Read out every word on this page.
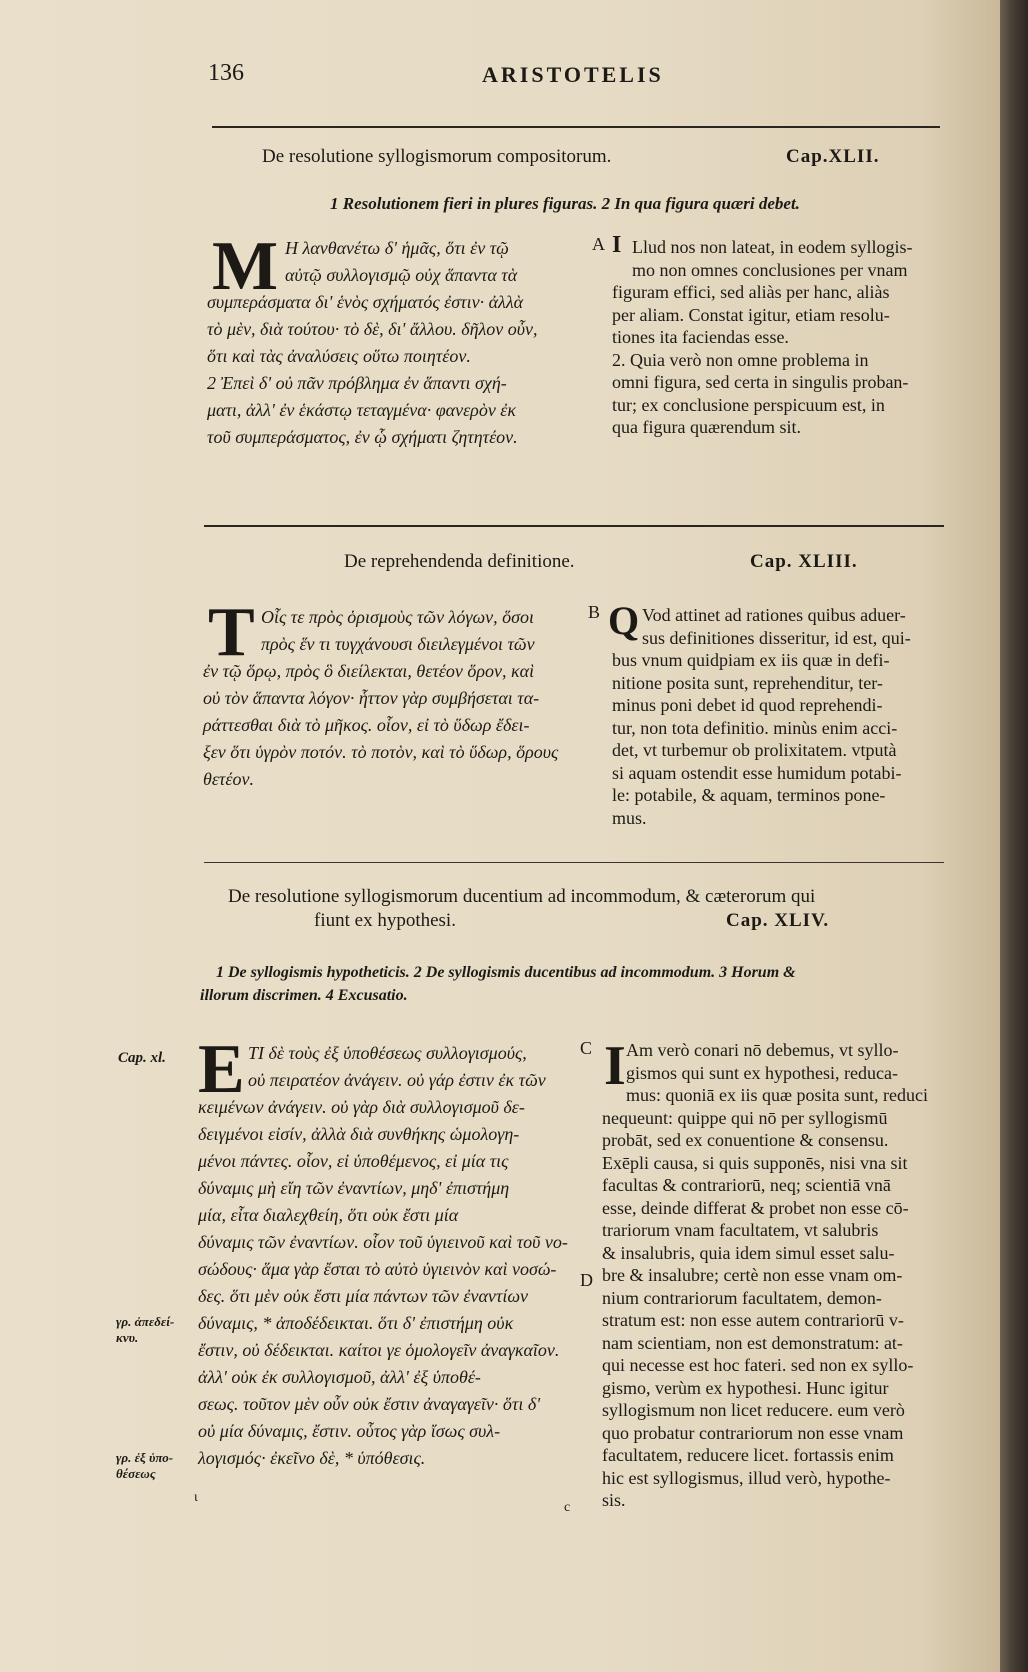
136	ARISTOTELIS
De resolutione syllogismorum compositorum.	Cap.XLII.
1 Resolutionem fieri in plures figuras. 2 In qua figura quæri debet.
M	A
Η λανθανέτω δ' ἡμᾶς, ὅτι ἐν τῷ
αὐτῷ συλλογισμῷ οὐχ ἅπαντα τὰ
συμπεράσματα δι' ἑνὸς σχήματός ἐστιν· ἀλλὰ
τὸ μὲν, διὰ τούτου· τὸ δὲ, δι' ἄλλου. δῆλον οὖν,
ὅτι καὶ τὰς ἀναλύσεις οὕτω ποιητέον.
2 Ἐπεὶ δ' οὐ πᾶν πρόβλημα ἐν ἅπαντι σχή-
ματι, ἀλλ' ἐν ἑκάστῳ τεταγμένα· φανερὸν ἐκ
τοῦ συμπεράσματος, ἐν ᾧ σχήματι ζητητέον.
I Llud nos non lateat, in eodem syllogis-
mo non omnes conclusiones per vnam
figuram effici, sed aliàs per hanc, aliàs
per aliam. Constat igitur, etiam resolu-
tiones ita faciendas esse.
2. Quia verò non omne problema in
omni figura, sed certa in singulis proban-
tur; ex conclusione perspicuum est, in
qua figura quærendum sit.
De reprehendenda definitione.	Cap. XLIII.
T	B
Οἷς τε πρὸς ὁρισμοὺς τῶν λόγων, ὅσοι
πρὸς ἕν τι τυγχάνουσι διειλεγμένοι τῶν
ἐν τῷ ὅρῳ, πρὸς ὃ διείλεκται, θετέον ὅρον, καὶ
οὐ τὸν ἅπαντα λόγον· ἧττον γὰρ συμβήσεται τα-
ράττεσθαι διὰ τὸ μῆκος. οἷον, εἰ τὸ ὕδωρ ἔδει-
ξεν ὅτι ὑγρὸν ποτόν. τὸ ποτὸν, καὶ τὸ ὕδωρ, ὅρους
θετέον.
Q Vod attinet ad rationes quibus aduer-
sus definitiones disseritur, id est, qui-
bus vnum quidpiam ex iis quæ in defi-
nitione posita sunt, reprehenditur, ter-
minus poni debet id quod reprehendi-
tur, non tota definitio. minùs enim acci-
det, vt turbemur ob prolixitatem. vtputà
si aquam ostendit esse humidum potabi-
le: potabile, & aquam, terminos pone-
mus.
De resolutione syllogismorum ducentium ad incommodum, & cæterorum qui
fiunt ex hypothesi.	Cap. XLIV.
1 De syllogismis hypotheticis. 2 De syllogismis ducentibus ad incommodum. 3 Horum &
illorum discrimen. 4 Excusatio.
Cap. xl.
γρ. ἀπεδεί-
κνυ.
γρ. ἐξ ὑπο-
θέσεως
E	C
D
ΤΙ δὲ τοὺς ἐξ ὑποθέσεως συλλογισμούς,
οὐ πειρατέον ἀνάγειν. οὐ γάρ ἐστιν ἐκ τῶν
κειμένων ἀνάγειν. οὐ γὰρ διὰ συλλογισμοῦ δε-
δειγμένοι εἰσίν, ἀλλὰ διὰ συνθήκης ὡμολογη-
μένοι πάντες. οἷον, εἰ ὑποθέμενος, εἰ μία τις
δύναμις μὴ εἴη τῶν ἐναντίων, μηδ' ἐπιστήμη
μία, εἶτα διαλεχθείη, ὅτι οὐκ ἔστι μία
δύναμις τῶν ἐναντίων. οἷον τοῦ ὑγιεινοῦ καὶ τοῦ νο-
σώδους· ἅμα γὰρ ἔσται τὸ αὐτὸ ὑγιεινὸν καὶ νοσώ-
δες. ὅτι μὲν οὐκ ἔστι μία πάντων τῶν ἐναντίων
δύναμις, * ἀποδέδεικται. ὅτι δ' ἐπιστήμη οὐκ
ἔστιν, οὐ δέδεικται. καίτοι γε ὁμολογεῖν ἀναγκαῖον.
ἀλλ' οὐκ ἐκ συλλογισμοῦ, ἀλλ' ἐξ ὑποθέ-
σεως. τοῦτον μὲν οὖν οὐκ ἔστιν ἀναγαγεῖν· ὅτι δ'
οὐ μία δύναμις, ἔστιν. οὗτος γὰρ ἴσως συλ-
λογισμός· ἐκεῖνο δὲ, * ὑπόθεσις.
ι
I Am verò conari nō debemus, vt syllo-
gismos qui sunt ex hypothesi, reduca-
mus: quoniā ex iis quæ posita sunt, reduci
nequeunt: quippe qui nō per syllogismū
probāt, sed ex conuentione & consensu.
Exēpli causa, si quis supponēs, nisi vna sit
facultas & contrariorū, neq; scientiā vnā
esse, deinde differat & probet non esse cō-
trariorum vnam facultatem, vt salubris
& insalubris, quia idem simul esset salu-
bre & insalubre; certè non esse vnam om-
nium contrariorum facultatem, demon-
stratum est: non esse autem contrariorū v-
nam scientiam, non est demonstratum: at-
qui necesse est hoc fateri. sed non ex syllo-
gismo, verùm ex hypothesi. Hunc igitur
syllogismum non licet reducere. eum verò
quo probatur contrariorum non esse vnam
facultatem, reducere licet. fortassis enim
hic est syllogismus, illud verò, hypothe-
sis.
c
